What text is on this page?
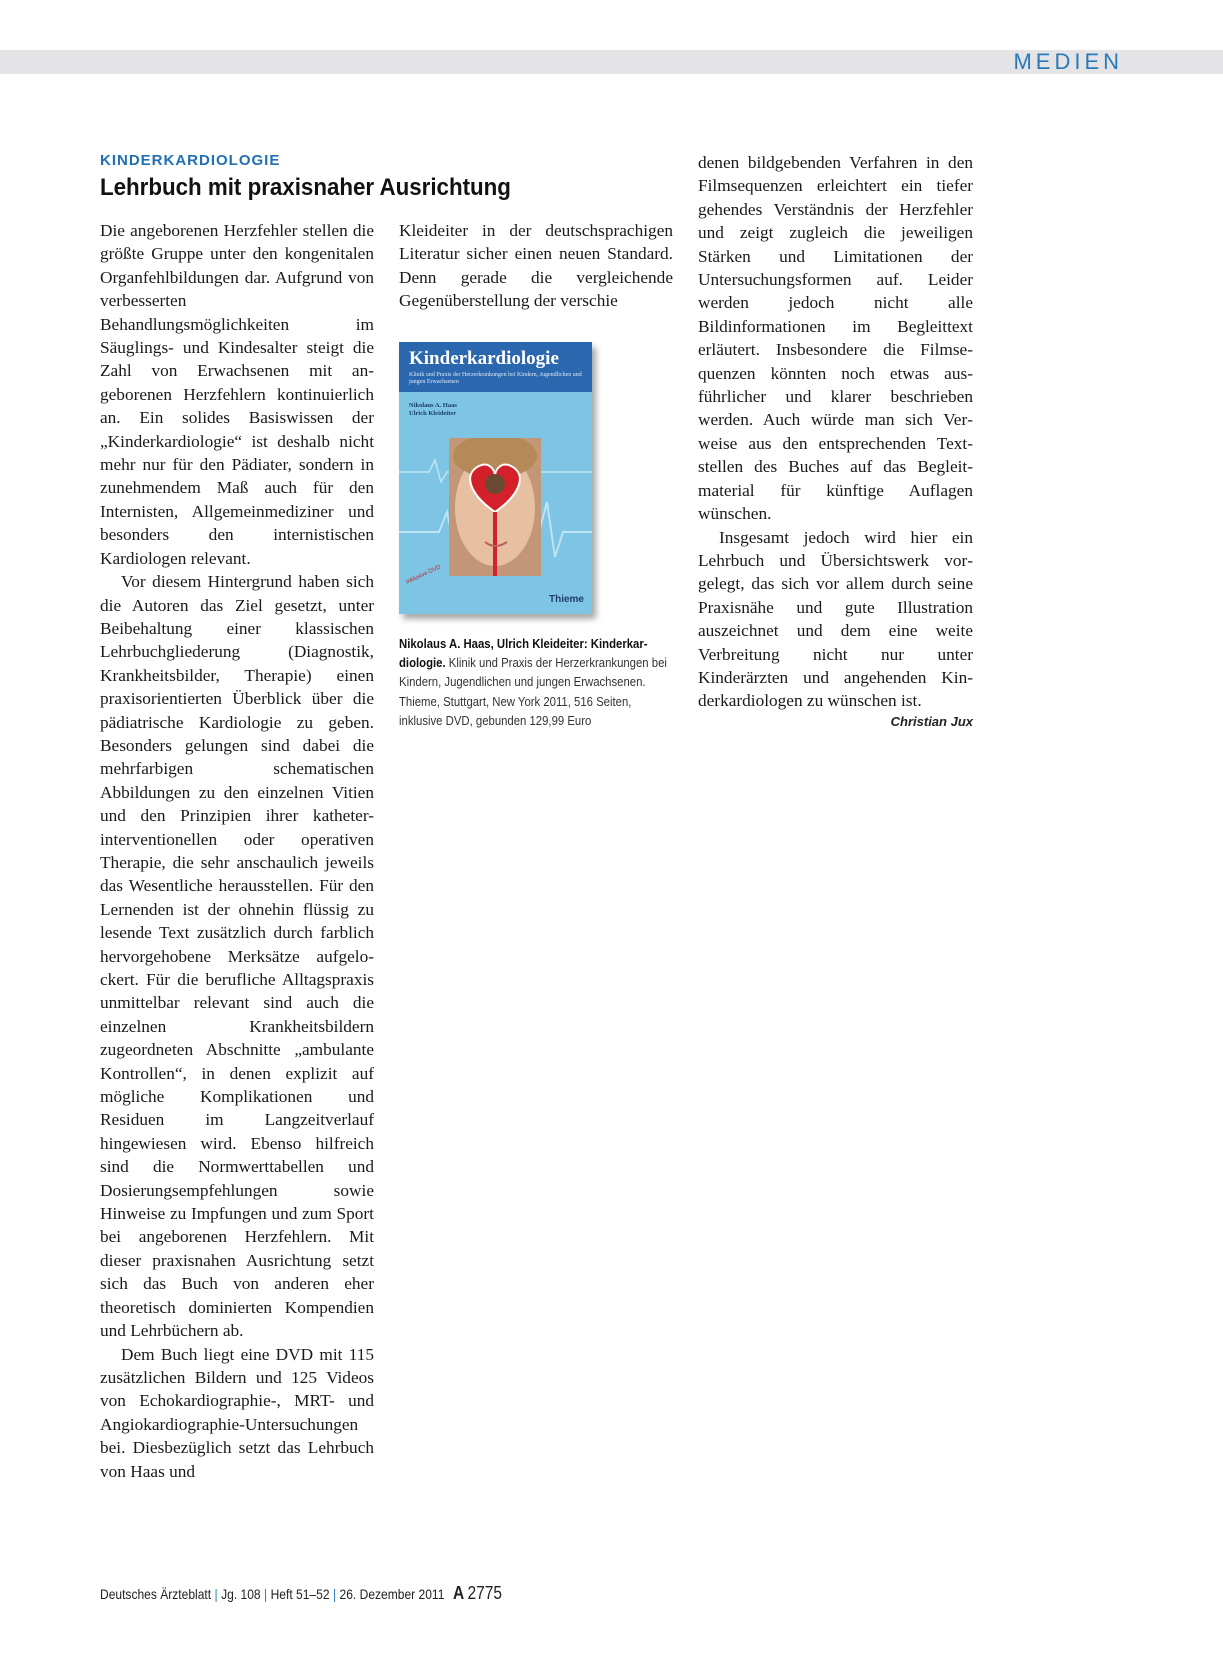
MEDIEN
KINDERKARDIOLOGIE
Lehrbuch mit praxisnaher Ausrichtung

Die angeborenen Herzfehler stellen die größte Gruppe unter den kongenitalen Organfehlbildungen dar. Aufgrund von verbesserten Behandlungsmöglichkeiten im Säuglings- und Kindesalter steigt die Zahl von Erwachsenen mit angeborenen Herzfehlern kontinuierlich an. Ein solides Basiswissen der „Kinderkardiologie“ ist deshalb nicht mehr nur für den Pädiater, sondern in zunehmendem Maß auch für den Internisten, Allgemeinmediziner und besonders den internistischen Kardiologen relevant.

Vor diesem Hintergrund haben sich die Autoren das Ziel gesetzt, unter Beibehaltung einer klassischen Lehrbuchgliederung (Diagnostik, Krankheitsbilder, Therapie) einen praxisorientierten Überblick über die pädiatrische Kardiologie zu geben. Besonders gelungen sind dabei die mehrfarbigen schematischen Abbildungen zu den einzelnen Vitien und den Prinzipien ihrer katheter-interventionellen oder operativen Therapie, die sehr anschaulich jeweils das Wesentliche herausstellen. Für den Lernenden ist der ohnehin flüssig zu lesende Text zusätzlich durch farblich hervorgehobene Merksätze aufgelockert. Für die berufliche Alltagspraxis unmittelbar relevant sind auch die einzelnen Krankheitsbildern zugeordneten Abschnitte „ambulante Kontrollen“, in denen explizit auf mögliche Komplikationen und Residuen im Langzeitverlauf hingewiesen wird. Ebenso hilfreich sind die Normwerttabellen und Dosierungsempfehlungen sowie Hinweise zu Impfungen und zum Sport bei angeborenen Herzfehlern. Mit dieser praxisnahen Ausrichtung setzt sich das Buch von anderen eher theoretisch dominierten Kompendien und Lehrbüchern ab.

Dem Buch liegt eine DVD mit 115 zusätzlichen Bildern und 125 Videos von Echokardiographie-, MRT- und Angiokardiographie-Untersuchungen bei. Diesbezüglich setzt das Lehrbuch von Haas und

Kleideiter in der deutschsprachigen Literatur sicher einen neuen Standard. Denn gerade die vergleichende Gegenüberstellung der verschie

Kinderkardiologie
Klinik und Praxis der Herzerkrankungen bei Kindern, Jugendlichen und jungen Erwachsenen
Nikolaus A. Haas
Ulrich Kleideiter
inklusive DVD
Thieme
Nikolaus A. Haas, Ulrich Kleideiter: Kinderkardiologie. Klinik und Praxis der Herzerkrankungen bei Kindern, Jugendlichen und jungen Erwachsenen. Thieme, Stuttgart, New York 2011, 516 Seiten, inklusive DVD, gebunden 129,99 Euro

denen bildgebenden Verfahren in den Filmsequenzen erleichtert ein tiefer gehendes Verständnis der Herzfehler und zeigt zugleich die jeweiligen Stärken und Limitationen der Untersuchungsformen auf. Leider werden jedoch nicht alle Bildinformationen im Begleittext erläutert. Insbesondere die Filmsequenzen könnten noch etwas ausführlicher und klarer beschrieben werden. Auch würde man sich Verweise aus den entsprechenden Textstellen des Buches auf das Begleitmaterial für künftige Auflagen wünschen.

Insgesamt jedoch wird hier ein Lehrbuch und Übersichtswerk vorgelegt, das sich vor allem durch seine Praxisnähe und gute Illustration auszeichnet und dem eine weite Verbreitung nicht nur unter Kinderärzten und angehenden Kinderkardiologen zu wünschen ist.

Christian Jux
Deutsches Ärzteblatt | Jg. 108 | Heft 51–52 | 26. Dezember 2011 A 2775
